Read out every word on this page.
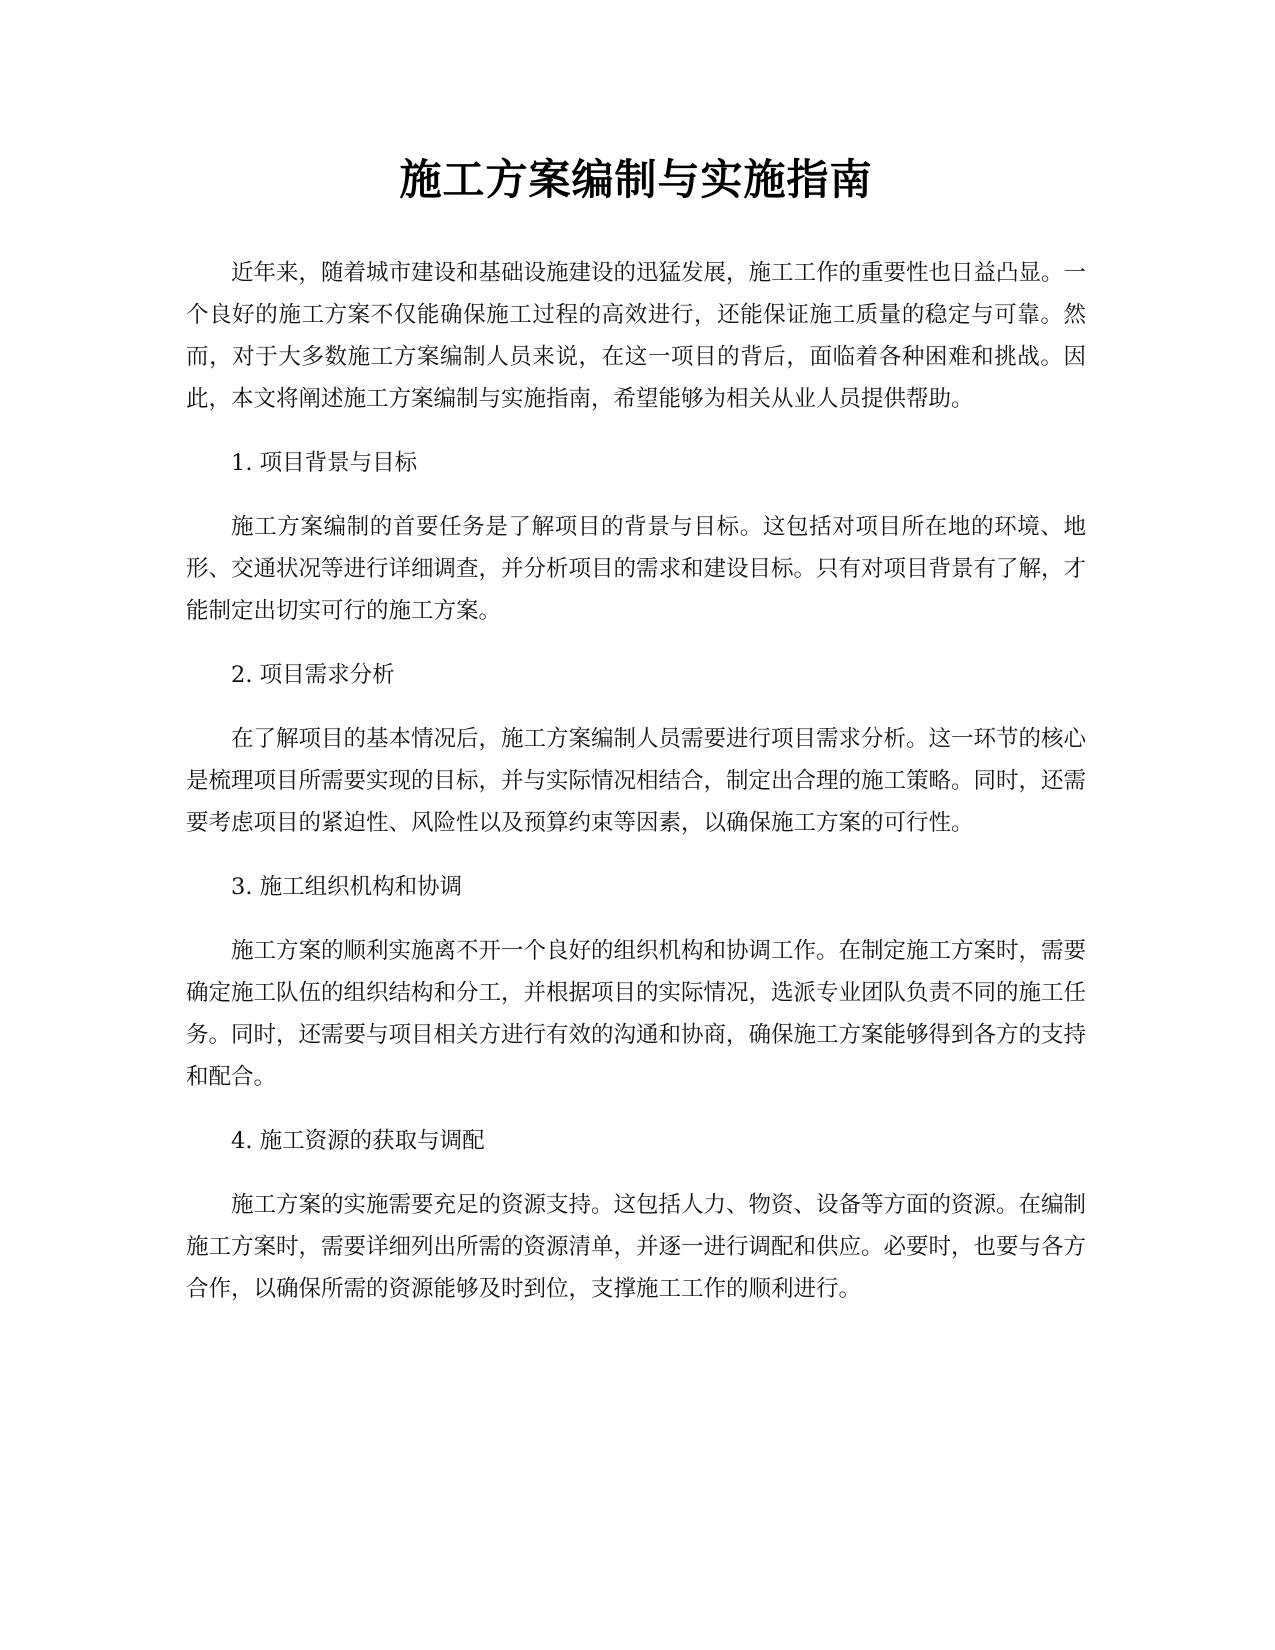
施工方案编制与实施指南

近年来，随着城市建设和基础设施建设的迅猛发展，施工工作的重要性也日益凸显。一个良好的施工方案不仅能确保施工过程的高效进行，还能保证施工质量的稳定与可靠。然而，对于大多数施工方案编制人员来说，在这一项目的背后，面临着各种困难和挑战。因此，本文将阐述施工方案编制与实施指南，希望能够为相关从业人员提供帮助。

1. 项目背景与目标

施工方案编制的首要任务是了解项目的背景与目标。这包括对项目所在地的环境、地形、交通状况等进行详细调查，并分析项目的需求和建设目标。只有对项目背景有了解，才能制定出切实可行的施工方案。

2. 项目需求分析

在了解项目的基本情况后，施工方案编制人员需要进行项目需求分析。这一环节的核心是梳理项目所需要实现的目标，并与实际情况相结合，制定出合理的施工策略。同时，还需要考虑项目的紧迫性、风险性以及预算约束等因素，以确保施工方案的可行性。

3. 施工组织机构和协调

施工方案的顺利实施离不开一个良好的组织机构和协调工作。在制定施工方案时，需要确定施工队伍的组织结构和分工，并根据项目的实际情况，选派专业团队负责不同的施工任务。同时，还需要与项目相关方进行有效的沟通和协商，确保施工方案能够得到各方的支持和配合。

4. 施工资源的获取与调配

施工方案的实施需要充足的资源支持。这包括人力、物资、设备等方面的资源。在编制施工方案时，需要详细列出所需的资源清单，并逐一进行调配和供应。必要时，也要与各方合作，以确保所需的资源能够及时到位，支撑施工工作的顺利进行。
